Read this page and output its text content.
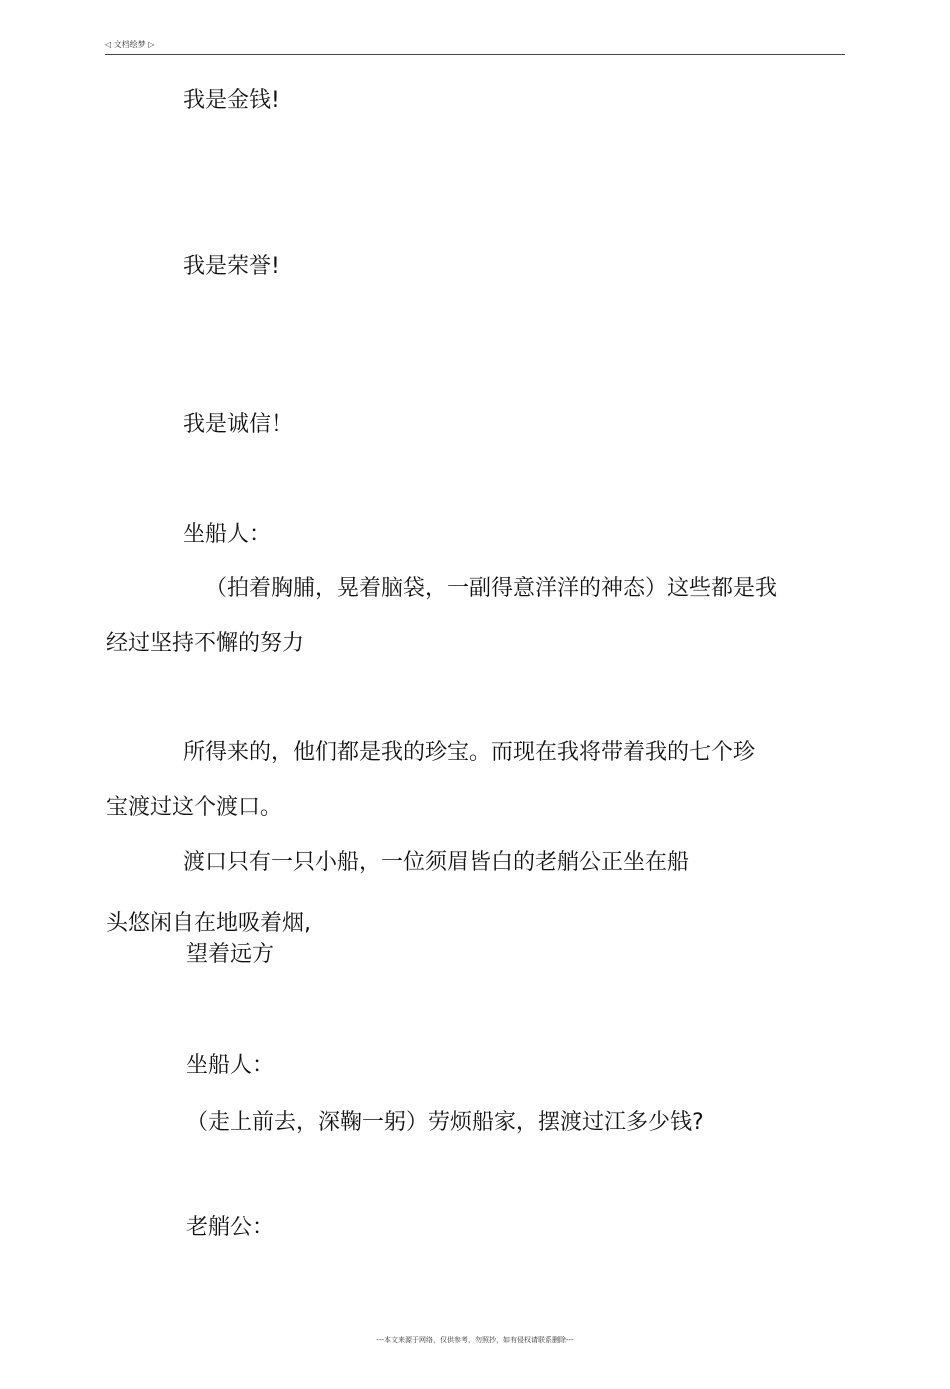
◁ 文档绘梦 ▷
我是金钱!
我是荣誉!
我是诚信！
坐船人：
（拍着胸脯，晃着脑袋，一副得意洋洋的神态）这些都是我
经过坚持不懈的努力
所得来的，他们都是我的珍宝。而现在我将带着我的七个珍
宝渡过这个渡口。
渡口只有一只小船，一位须眉皆白的老艄公正坐在船
头悠闲自在地吸着烟,
望着远方
坐船人：
（走上前去，深鞠一躬）劳烦船家，摆渡过江多少钱?
老艄公：
---本文来源于网络，仅供参考，勿照抄，如有侵权请联系删除---
